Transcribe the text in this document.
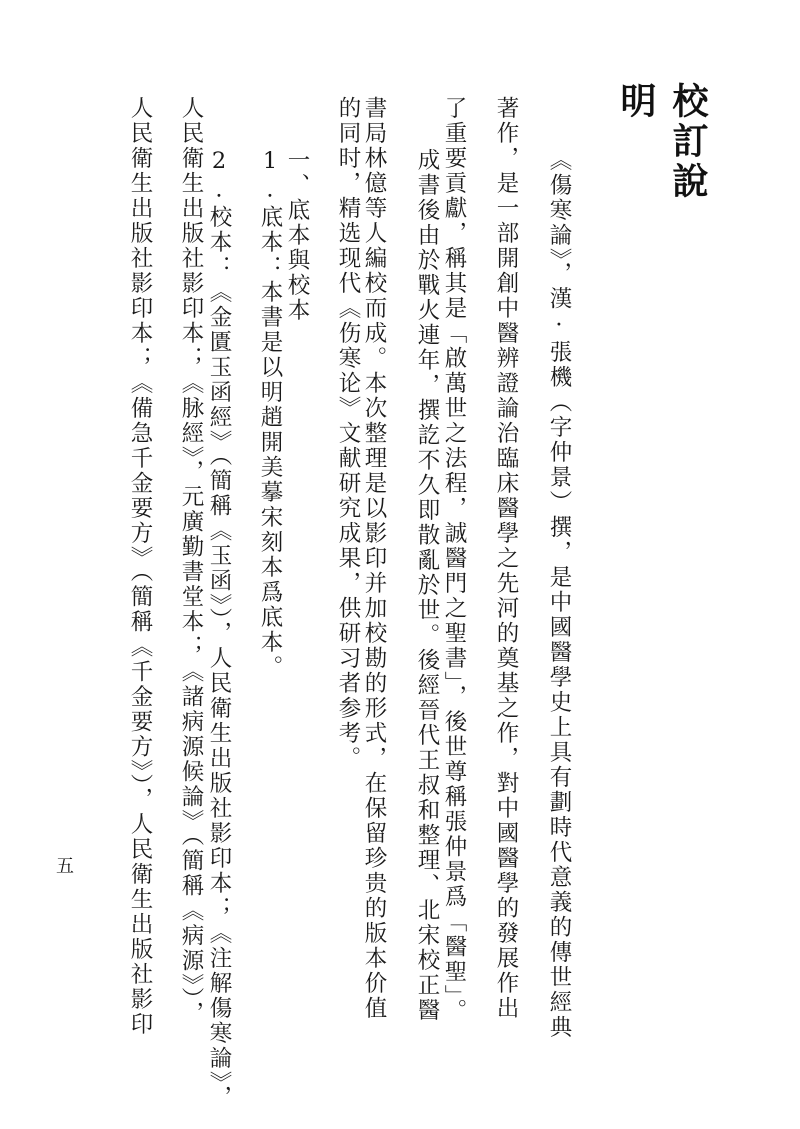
校訂說明
《傷寒論》，漢·張機（字仲景）撰，是中國醫學史上具有劃時代意義的傳世經典
著作，是一部開創中醫辨證論治臨床醫學之先河的奠基之作，對中國醫學的發展作出
了重要貢獻，稱其是「啟萬世之法程，誠醫門之聖書」，後世尊稱張仲景爲「醫聖」。
成書後由於戰火連年，撰訖不久即散亂於世。後經晉代王叔和整理、北宋校正醫
書局林億等人編校而成。本次整理是以影印并加校勘的形式，在保留珍贵的版本价值
的同时，精选现代《伤寒论》文献研究成果，供研习者参考。
一、底本與校本
1.底本：本書是以明趙開美摹宋刻本爲底本。
2.校本：《金匱玉函經》（簡稱《玉函》），人民衛生出版社影印本；《注解傷寒論》，
人民衛生出版社影印本；《脉經》，元廣勤書堂本；《諸病源候論》（簡稱《病源》），
人民衛生出版社影印本；《備急千金要方》（簡稱《千金要方》），人民衛生出版社影印
五
